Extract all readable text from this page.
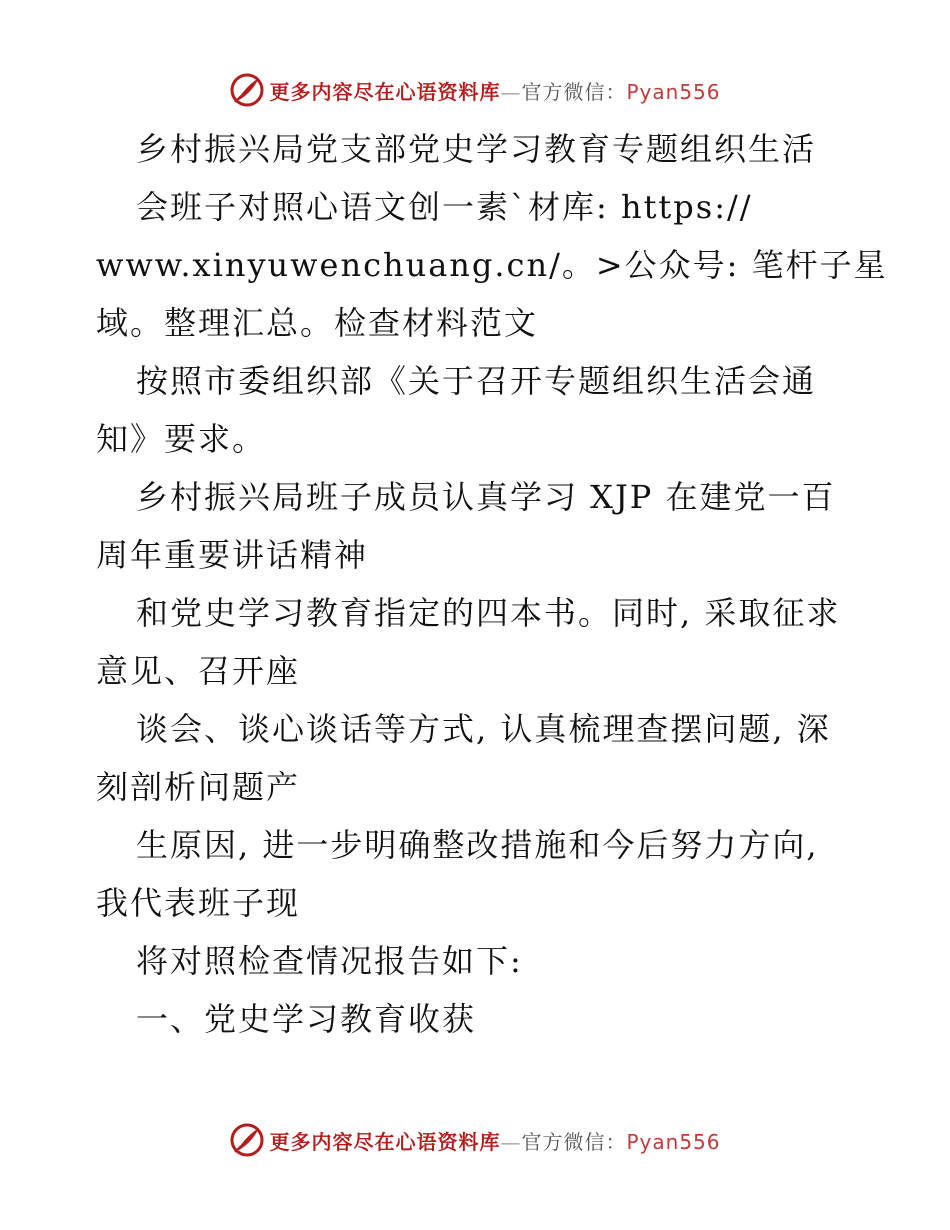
更多内容尽在心语资料库—官方微信：Pyan556
乡村振兴局党支部党史学习教育专题组织生活
会班子对照心语文创一素`材库: https://
www.xinyuwenchuang.cn/。>公众号: 笔杆子星
域。整理汇总。检查材料范文
按照市委组织部《关于召开专题组织生活会通
知》要求。
乡村振兴局班子成员认真学习 XJP 在建党一百
周年重要讲话精神
和党史学习教育指定的四本书。同时, 采取征求
意见、召开座
谈会、谈心谈话等方式, 认真梳理查摆问题, 深
刻剖析问题产
生原因, 进一步明确整改措施和今后努力方向,
我代表班子现
将对照检查情况报告如下:
一、党史学习教育收获
更多内容尽在心语资料库—官方微信：Pyan556
